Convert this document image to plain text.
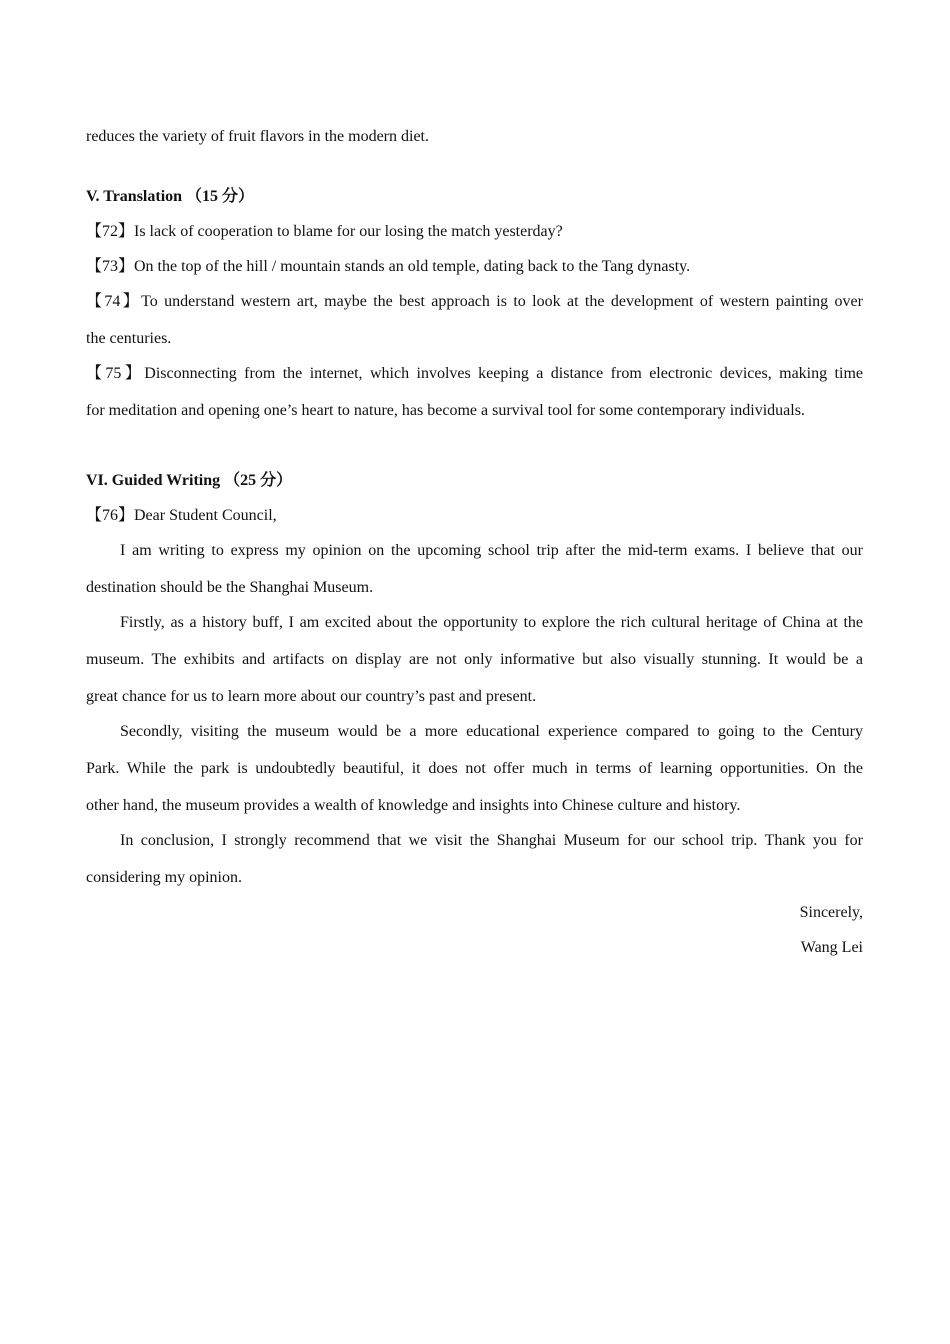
reduces the variety of fruit flavors in the modern diet.
V. Translation （15 分）
【72】Is lack of cooperation to blame for our losing the match yesterday?
【73】On the top of the hill / mountain stands an old temple, dating back to the Tang dynasty.
【74】To understand western art, maybe the best approach is to look at the development of western painting over
the centuries.
【75】Disconnecting from the internet, which involves keeping a distance from electronic devices, making time
for meditation and opening one’s heart to nature, has become a survival tool for some contemporary individuals.
VI. Guided Writing （25 分）
【76】Dear Student Council,
I am writing to express my opinion on the upcoming school trip after the mid-term exams. I believe that our
destination should be the Shanghai Museum.
Firstly, as a history buff, I am excited about the opportunity to explore the rich cultural heritage of China at the
museum. The exhibits and artifacts on display are not only informative but also visually stunning. It would be a
great chance for us to learn more about our country’s past and present.
Secondly, visiting the museum would be a more educational experience compared to going to the Century
Park. While the park is undoubtedly beautiful, it does not offer much in terms of learning opportunities. On the
other hand, the museum provides a wealth of knowledge and insights into Chinese culture and history.
In conclusion, I strongly recommend that we visit the Shanghai Museum for our school trip. Thank you for
considering my opinion.
Sincerely,
Wang Lei
